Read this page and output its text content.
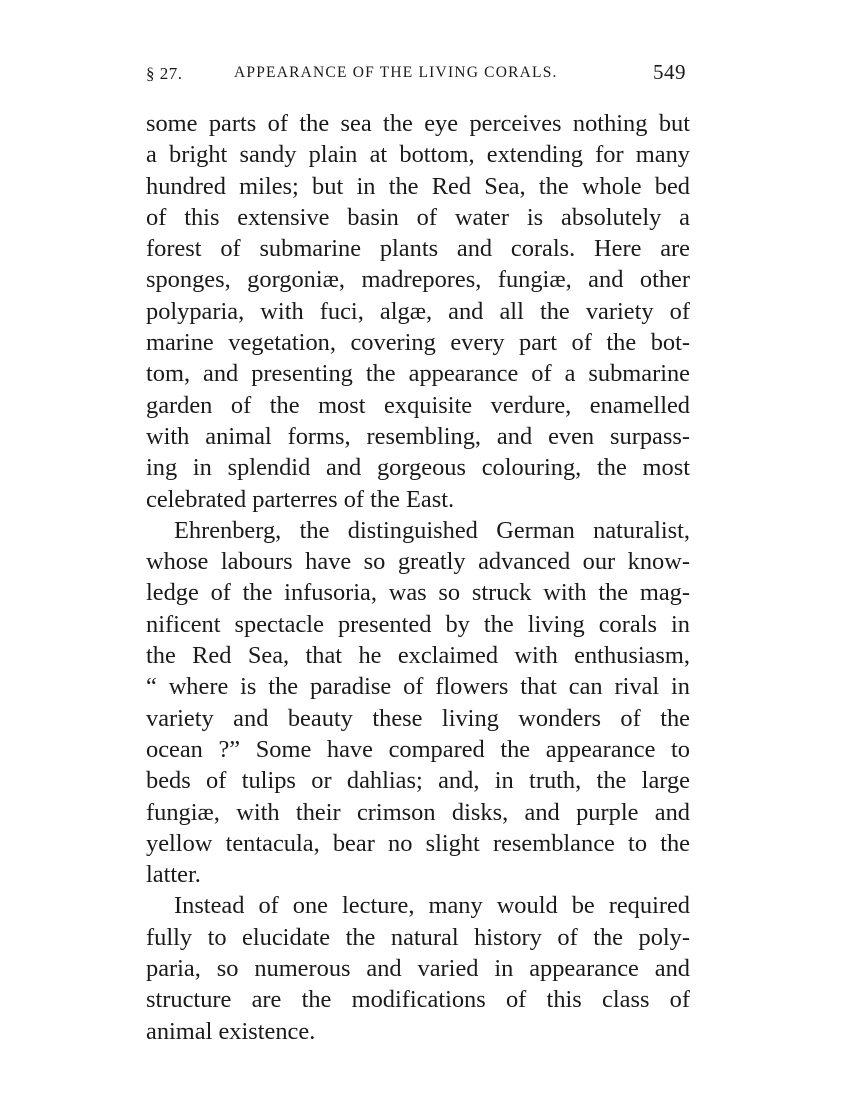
§ 27.	APPEARANCE OF THE LIVING CORALS.	549
some parts of the sea the eye perceives nothing but
a bright sandy plain at bottom, extending for many
hundred miles; but in the Red Sea, the whole bed
of this extensive basin of water is absolutely a
forest of submarine plants and corals. Here are
sponges, gorgoniæ, madrepores, fungiæ, and other
polyparia, with fuci, algæ, and all the variety of
marine vegetation, covering every part of the bot-
tom, and presenting the appearance of a submarine
garden of the most exquisite verdure, enamelled
with animal forms, resembling, and even surpass-
ing in splendid and gorgeous colouring, the most
celebrated parterres of the East.
Ehrenberg, the distinguished German naturalist,
whose labours have so greatly advanced our know-
ledge of the infusoria, was so struck with the mag-
nificent spectacle presented by the living corals in
the Red Sea, that he exclaimed with enthusiasm,
“ where is the paradise of flowers that can rival in
variety and beauty these living wonders of the
ocean ?” Some have compared the appearance to
beds of tulips or dahlias; and, in truth, the large
fungiæ, with their crimson disks, and purple and
yellow tentacula, bear no slight resemblance to the
latter.
Instead of one lecture, many would be required
fully to elucidate the natural history of the poly-
paria, so numerous and varied in appearance and
structure are the modifications of this class of
animal existence.
